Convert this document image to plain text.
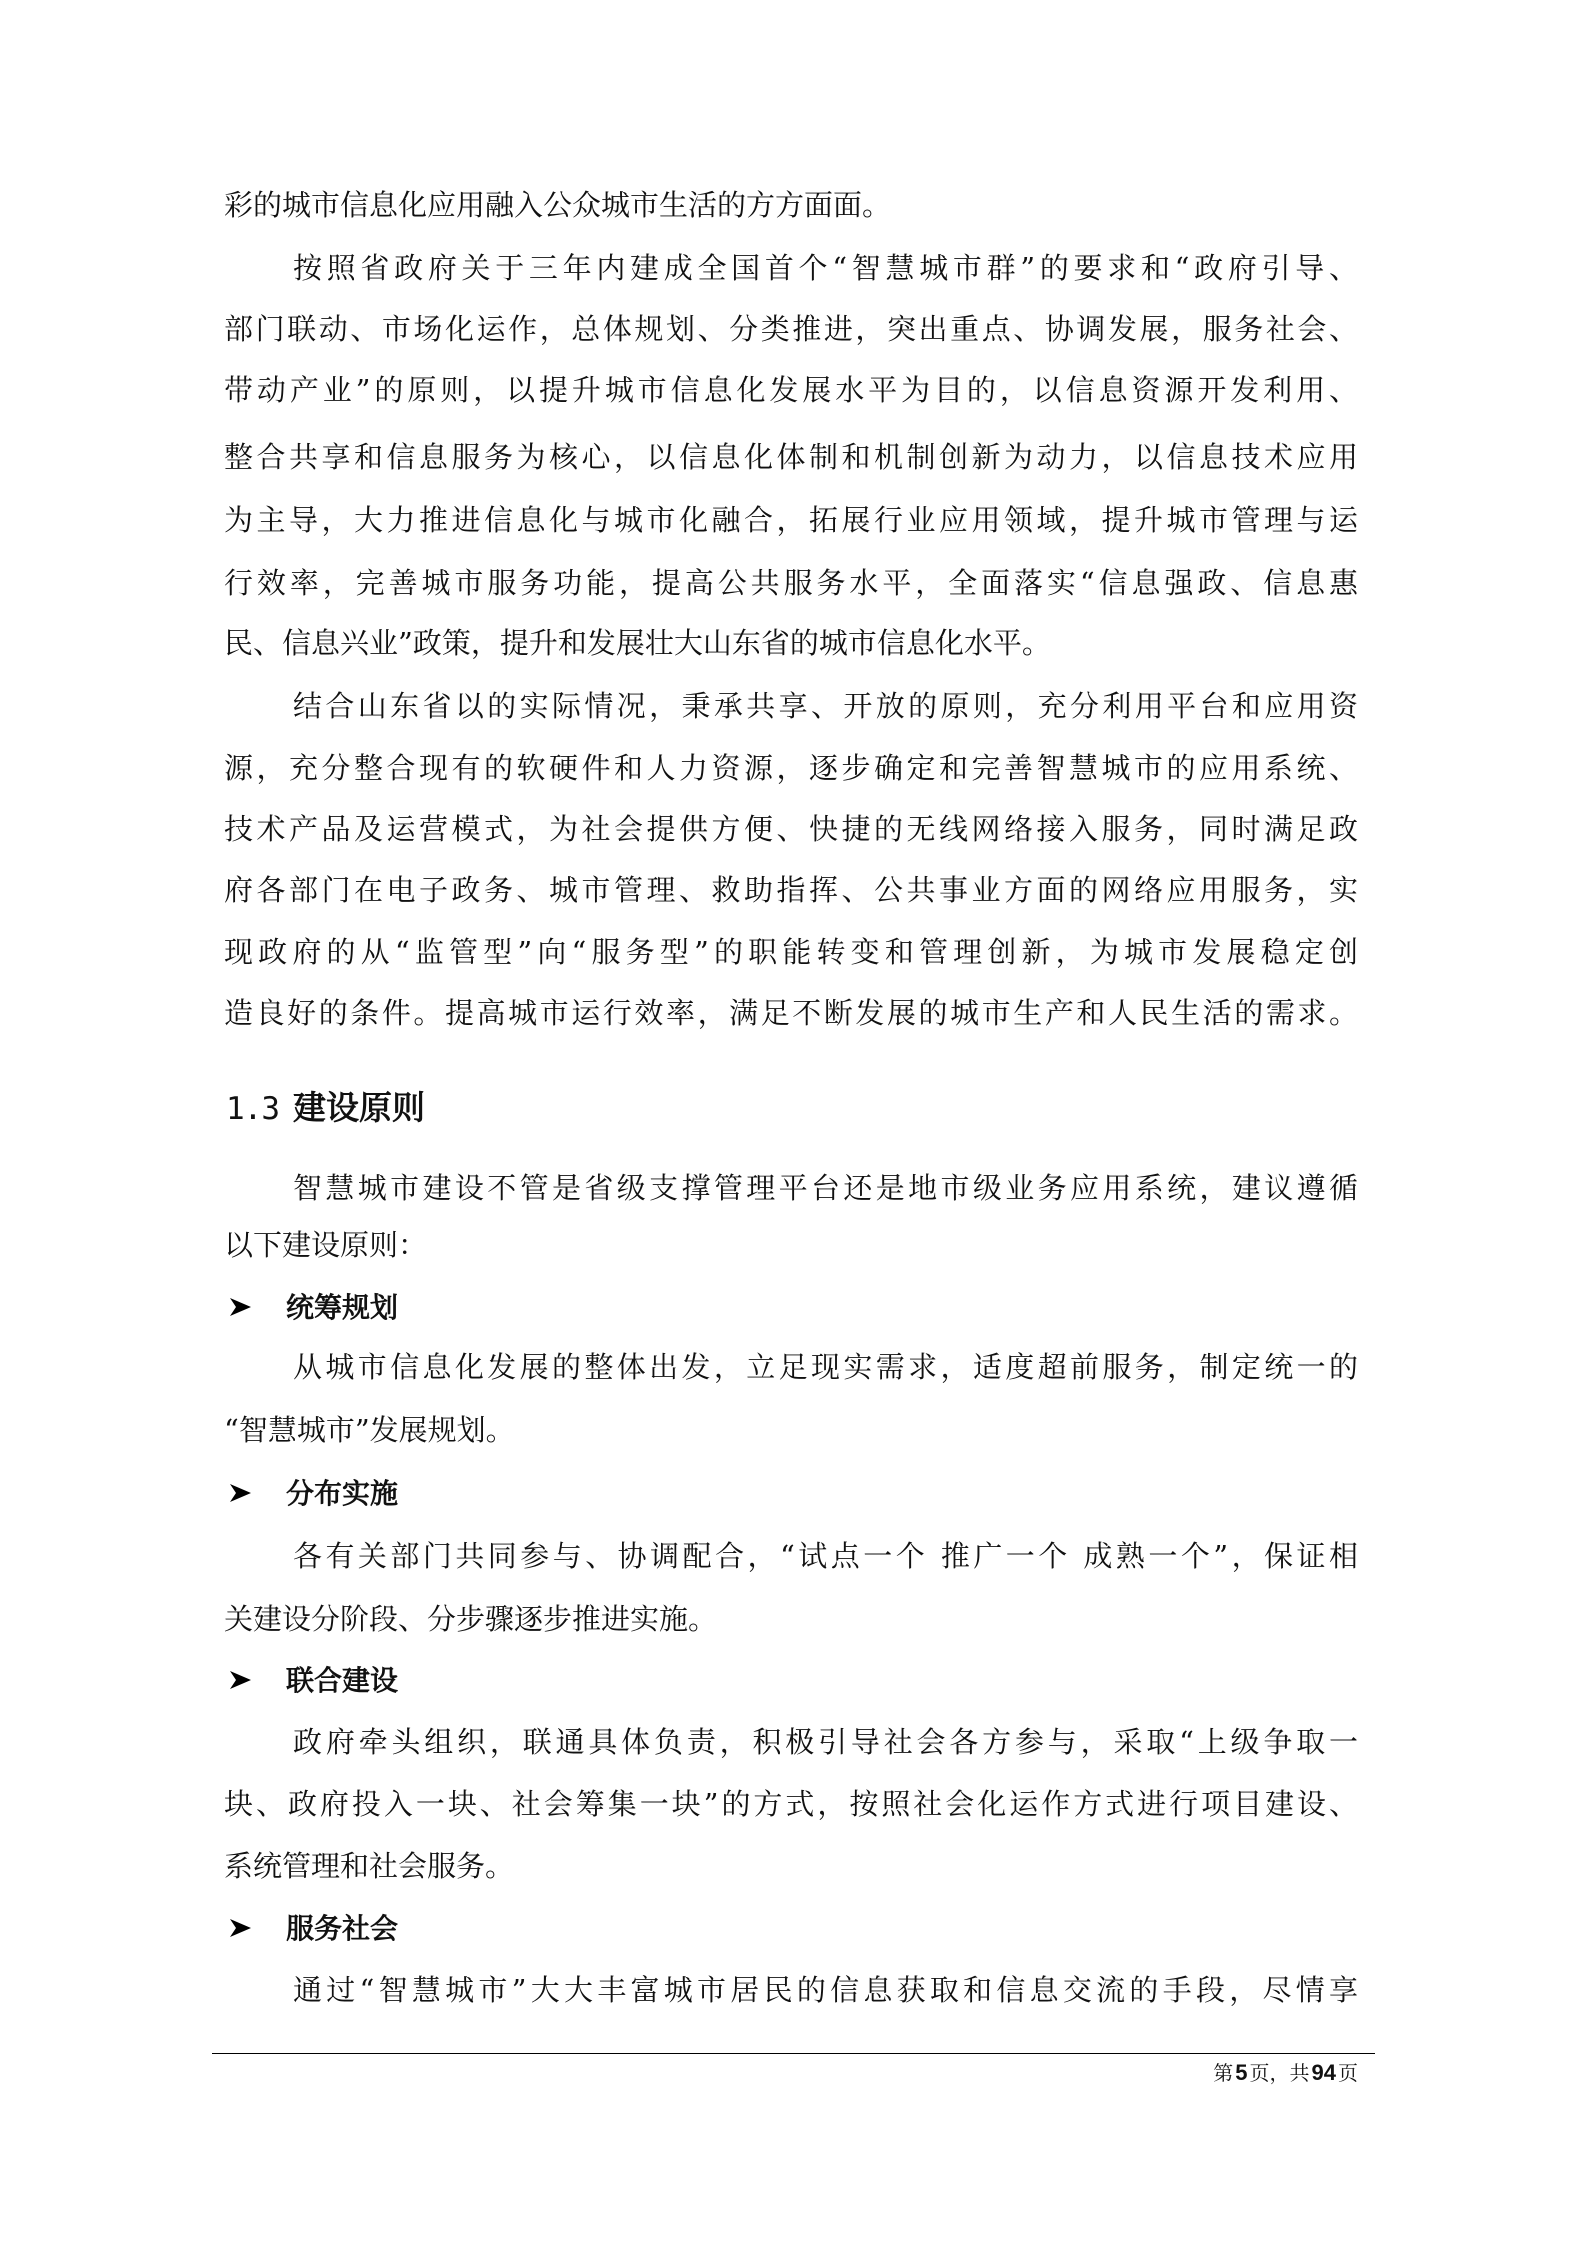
彩的城市信息化应用融入公众城市生活的方方面面。
按照省政府关于三年内建成全国首个“智慧城市群”的要求和“政府引导、
部门联动、市场化运作，总体规划、分类推进，突出重点、协调发展，服务社会、
带动产业”的原则，以提升城市信息化发展水平为目的，以信息资源开发利用、
整合共享和信息服务为核心，以信息化体制和机制创新为动力，以信息技术应用
为主导，大力推进信息化与城市化融合，拓展行业应用领域，提升城市管理与运
行效率，完善城市服务功能，提高公共服务水平，全面落实“信息强政、信息惠
民、信息兴业”政策，提升和发展壮大山东省的城市信息化水平。
结合山东省以的实际情况，秉承共享、开放的原则，充分利用平台和应用资
源，充分整合现有的软硬件和人力资源，逐步确定和完善智慧城市的应用系统、
技术产品及运营模式，为社会提供方便、快捷的无线网络接入服务，同时满足政
府各部门在电子政务、城市管理、救助指挥、公共事业方面的网络应用服务，实
现政府的从“监管型”向“服务型”的职能转变和管理创新，为城市发展稳定创
造良好的条件。提高城市运行效率，满足不断发展的城市生产和人民生活的需求。
1.3 建设原则
智慧城市建设不管是省级支撑管理平台还是地市级业务应用系统，建议遵循
以下建设原则：
统筹规划
从城市信息化发展的整体出发，立足现实需求，适度超前服务，制定统一的
“智慧城市”发展规划。
分布实施
各有关部门共同参与、协调配合，“试点一个 推广一个 成熟一个”，保证相
关建设分阶段、分步骤逐步推进实施。
联合建设
政府牵头组织，联通具体负责，积极引导社会各方参与，采取“上级争取一
块、政府投入一块、社会筹集一块”的方式，按照社会化运作方式进行项目建设、
系统管理和社会服务。
服务社会
通过“智慧城市”大大丰富城市居民的信息获取和信息交流的手段，尽情享
第5 页，共94 页
